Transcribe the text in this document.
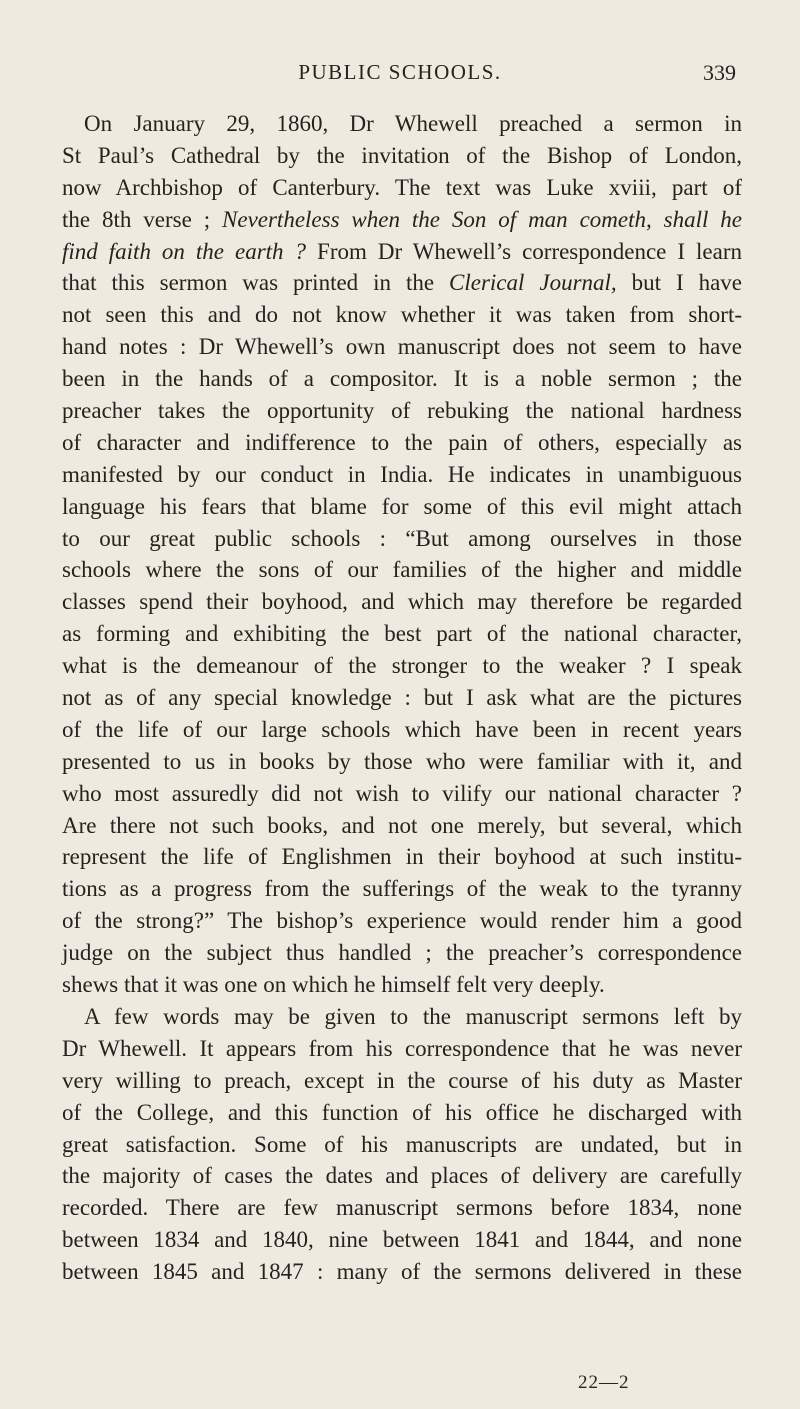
PUBLIC SCHOOLS.	339
On January 29, 1860, Dr Whewell preached a sermon in
St Paul’s Cathedral by the invitation of the Bishop of London,
now Archbishop of Canterbury. The text was Luke xviii, part of
the 8th verse ; Nevertheless when the Son of man cometh, shall he
find faith on the earth ? From Dr Whewell’s correspondence I learn
that this sermon was printed in the Clerical Journal, but I have
not seen this and do not know whether it was taken from short-
hand notes : Dr Whewell’s own manuscript does not seem to have
been in the hands of a compositor. It is a noble sermon ; the
preacher takes the opportunity of rebuking the national hardness
of character and indifference to the pain of others, especially as
manifested by our conduct in India. He indicates in unambiguous
language his fears that blame for some of this evil might attach
to our great public schools : “But among ourselves in those
schools where the sons of our families of the higher and middle
classes spend their boyhood, and which may therefore be regarded
as forming and exhibiting the best part of the national character,
what is the demeanour of the stronger to the weaker ? I speak
not as of any special knowledge : but I ask what are the pictures
of the life of our large schools which have been in recent years
presented to us in books by those who were familiar with it, and
who most assuredly did not wish to vilify our national character ?
Are there not such books, and not one merely, but several, which
represent the life of Englishmen in their boyhood at such institu-
tions as a progress from the sufferings of the weak to the tyranny
of the strong?” The bishop’s experience would render him a good
judge on the subject thus handled ; the preacher’s correspondence
shews that it was one on which he himself felt very deeply.
A few words may be given to the manuscript sermons left by
Dr Whewell. It appears from his correspondence that he was never
very willing to preach, except in the course of his duty as Master
of the College, and this function of his office he discharged with
great satisfaction. Some of his manuscripts are undated, but in
the majority of cases the dates and places of delivery are carefully
recorded. There are few manuscript sermons before 1834, none
between 1834 and 1840, nine between 1841 and 1844, and none
between 1845 and 1847 : many of the sermons delivered in these
22—2
